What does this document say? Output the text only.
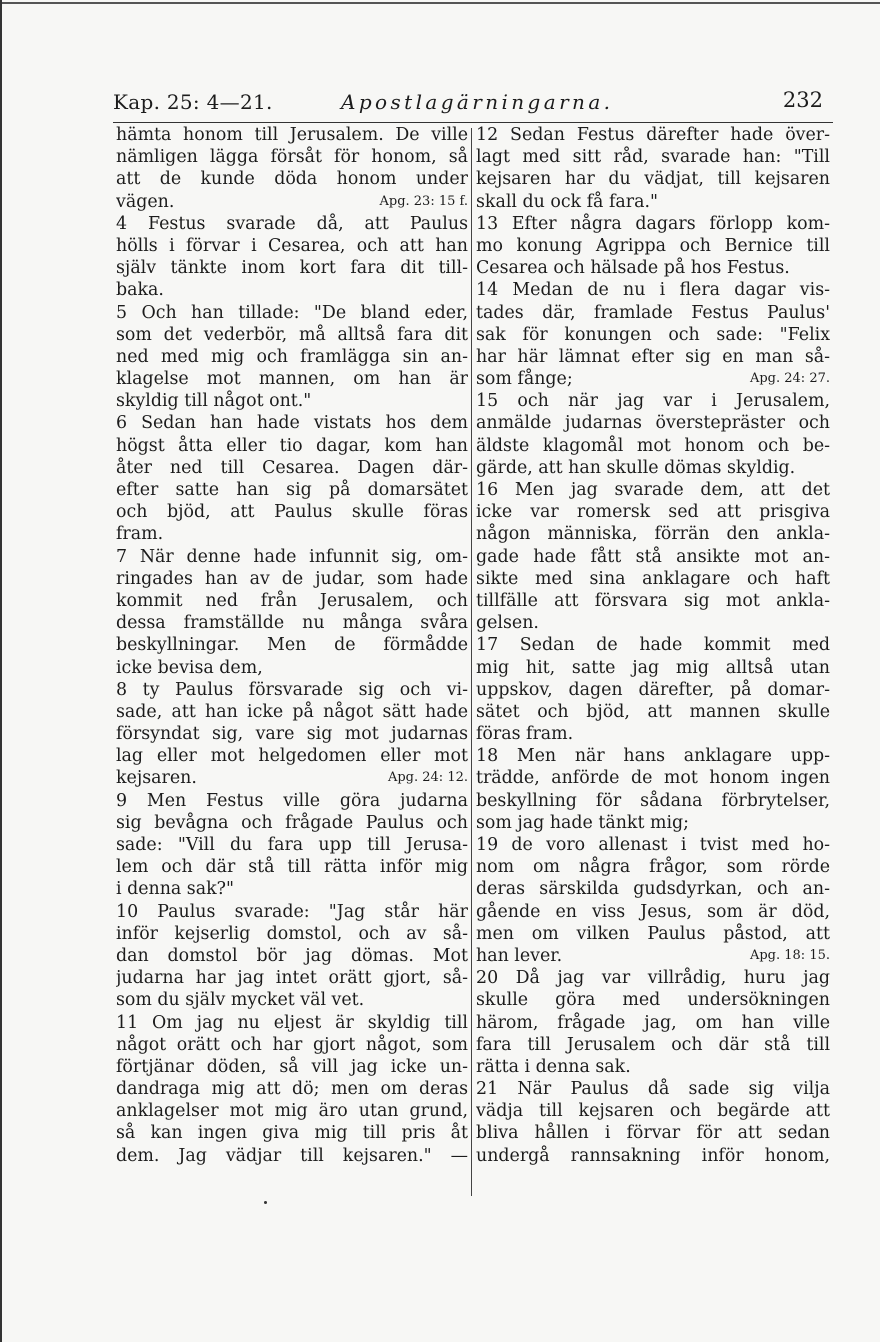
Kap. 25: 4—21.	Apostlagärningarna.	232
hämta honom till Jerusalem. De ville
nämligen lägga försåt för honom, så
att de kunde döda honom under
vägen.	Apg. 23: 15 f.
4 Festus svarade då, att Paulus
hölls i förvar i Cesarea, och att han
själv tänkte inom kort fara dit till-
baka.
5 Och han tillade: "De bland eder,
som det vederbör, må alltså fara dit
ned med mig och framlägga sin an-
klagelse mot mannen, om han är
skyldig till något ont."
6 Sedan han hade vistats hos dem
högst åtta eller tio dagar, kom han
åter ned till Cesarea. Dagen där-
efter satte han sig på domarsätet
och bjöd, att Paulus skulle föras
fram.
7 När denne hade infunnit sig, om-
ringades han av de judar, som hade
kommit ned från Jerusalem, och
dessa framställde nu många svåra
beskyllningar. Men de förmådde
icke bevisa dem,
8 ty Paulus försvarade sig och vi-
sade, att han icke på något sätt hade
försyndat sig, vare sig mot judarnas
lag eller mot helgedomen eller mot
kejsaren.	Apg. 24: 12.
9 Men Festus ville göra judarna
sig bevågna och frågade Paulus och
sade: "Vill du fara upp till Jerusa-
lem och där stå till rätta inför mig
i denna sak?"
10 Paulus svarade: "Jag står här
inför kejserlig domstol, och av så-
dan domstol bör jag dömas. Mot
judarna har jag intet orätt gjort, så-
som du själv mycket väl vet.
11 Om jag nu eljest är skyldig till
något orätt och har gjort något, som
förtjänar döden, så vill jag icke un-
dandraga mig att dö; men om deras
anklagelser mot mig äro utan grund,
så kan ingen giva mig till pris åt
dem. Jag vädjar till kejsaren." —
12 Sedan Festus därefter hade över-
lagt med sitt råd, svarade han: "Till
kejsaren har du vädjat, till kejsaren
skall du ock få fara."
13 Efter några dagars förlopp kom-
mo konung Agrippa och Bernice till
Cesarea och hälsade på hos Festus.
14 Medan de nu i flera dagar vis-
tades där, framlade Festus Paulus'
sak för konungen och sade: "Felix
har här lämnat efter sig en man så-
som fånge;	Apg. 24: 27.
15 och när jag var i Jerusalem,
anmälde judarnas överstepräster och
äldste klagomål mot honom och be-
gärde, att han skulle dömas skyldig.
16 Men jag svarade dem, att det
icke var romersk sed att prisgiva
någon människa, förrän den ankla-
gade hade fått stå ansikte mot an-
sikte med sina anklagare och haft
tillfälle att försvara sig mot ankla-
gelsen.
17 Sedan de hade kommit med
mig hit, satte jag mig alltså utan
uppskov, dagen därefter, på domar-
sätet och bjöd, att mannen skulle
föras fram.
18 Men när hans anklagare upp-
trädde, anförde de mot honom ingen
beskyllning för sådana förbrytelser,
som jag hade tänkt mig;
19 de voro allenast i tvist med ho-
nom om några frågor, som rörde
deras särskilda gudsdyrkan, och an-
gående en viss Jesus, som är död,
men om vilken Paulus påstod, att
han lever.	Apg. 18: 15.
20 Då jag var villrådig, huru jag
skulle göra med undersökningen
härom, frågade jag, om han ville
fara till Jerusalem och där stå till
rätta i denna sak.
21 När Paulus då sade sig vilja
vädja till kejsaren och begärde att
bliva hållen i förvar för att sedan
undergå rannsakning inför honom,
